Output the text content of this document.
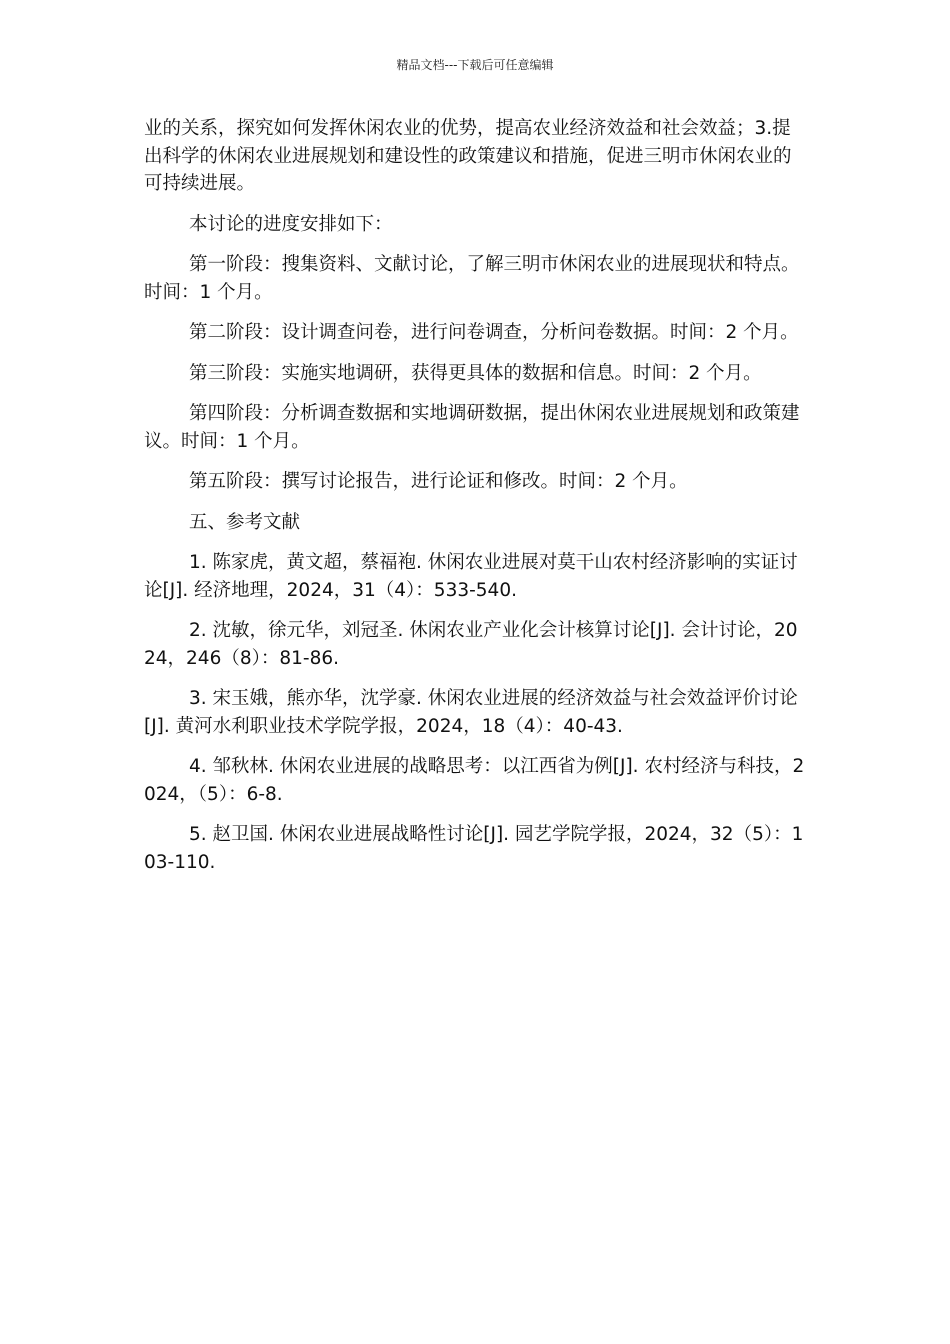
精品文档---下载后可任意编辑

业的关系，探究如何发挥休闲农业的优势，提高农业经济效益和社会效益；3.提出科学的休闲农业进展规划和建设性的政策建议和措施，促进三明市休闲农业的可持续进展。

本讨论的进度安排如下：

第一阶段：搜集资料、文献讨论，了解三明市休闲农业的进展现状和特点。时间：1 个月。

第二阶段：设计调查问卷，进行问卷调查，分析问卷数据。时间：2 个月。

第三阶段：实施实地调研，获得更具体的数据和信息。时间：2 个月。

第四阶段：分析调查数据和实地调研数据，提出休闲农业进展规划和政策建议。时间：1 个月。

第五阶段：撰写讨论报告，进行论证和修改。时间：2 个月。

五、参考文献

1. 陈家虎，黄文超，蔡福袍. 休闲农业进展对莫干山农村经济影响的实证讨论[J]. 经济地理，2024，31（4）：533-540.

2. 沈敏，徐元华，刘冠圣. 休闲农业产业化会计核算讨论[J]. 会计讨论，2024，246（8）：81-86.

3. 宋玉娥，熊亦华，沈学豪. 休闲农业进展的经济效益与社会效益评价讨论[J]. 黄河水利职业技术学院学报，2024，18（4）：40-43.

4. 邹秋林. 休闲农业进展的战略思考：以江西省为例[J]. 农村经济与科技，2024，（5）：6-8.

5. 赵卫国. 休闲农业进展战略性讨论[J]. 园艺学院学报，2024，32（5）：103-110.
